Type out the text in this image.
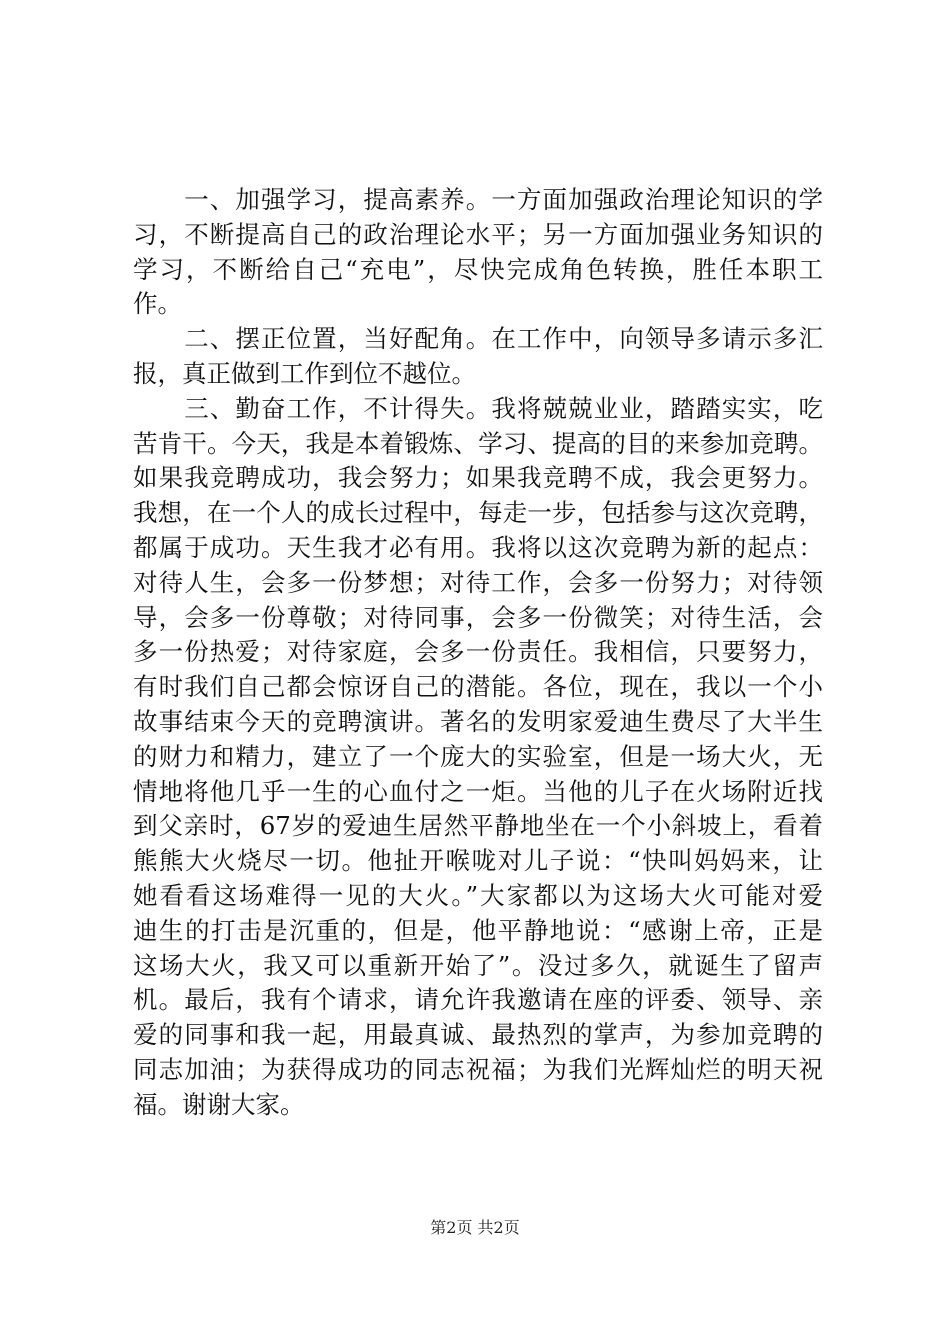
　　一、加强学习，提高素养。一方面加强政治理论知识的学
习，不断提高自己的政治理论水平；另一方面加强业务知识的
学习，不断给自己“充电”，尽快完成角色转换，胜任本职工
作。
　　二、摆正位置，当好配角。在工作中，向领导多请示多汇
报，真正做到工作到位不越位。
　　三、勤奋工作，不计得失。我将兢兢业业，踏踏实实，吃
苦肯干。今天，我是本着锻炼、学习、提高的目的来参加竞聘。
如果我竞聘成功，我会努力；如果我竞聘不成，我会更努力。
我想，在一个人的成长过程中，每走一步，包括参与这次竞聘，
都属于成功。天生我才必有用。我将以这次竞聘为新的起点：
对待人生，会多一份梦想；对待工作，会多一份努力；对待领
导，会多一份尊敬；对待同事，会多一份微笑；对待生活，会
多一份热爱；对待家庭，会多一份责任。我相信，只要努力，
有时我们自己都会惊讶自己的潜能。各位，现在，我以一个小
故事结束今天的竞聘演讲。著名的发明家爱迪生费尽了大半生
的财力和精力，建立了一个庞大的实验室，但是一场大火，无
情地将他几乎一生的心血付之一炬。当他的儿子在火场附近找
到父亲时，67岁的爱迪生居然平静地坐在一个小斜坡上，看着
熊熊大火烧尽一切。他扯开喉咙对儿子说：“快叫妈妈来，让
她看看这场难得一见的大火。”大家都以为这场大火可能对爱
迪生的打击是沉重的，但是，他平静地说：“感谢上帝，正是
这场大火，我又可以重新开始了”。没过多久，就诞生了留声
机。最后，我有个请求，请允许我邀请在座的评委、领导、亲
爱的同事和我一起，用最真诚、最热烈的掌声，为参加竞聘的
同志加油；为获得成功的同志祝福；为我们光辉灿烂的明天祝
福。谢谢大家。
第2页 共2页
